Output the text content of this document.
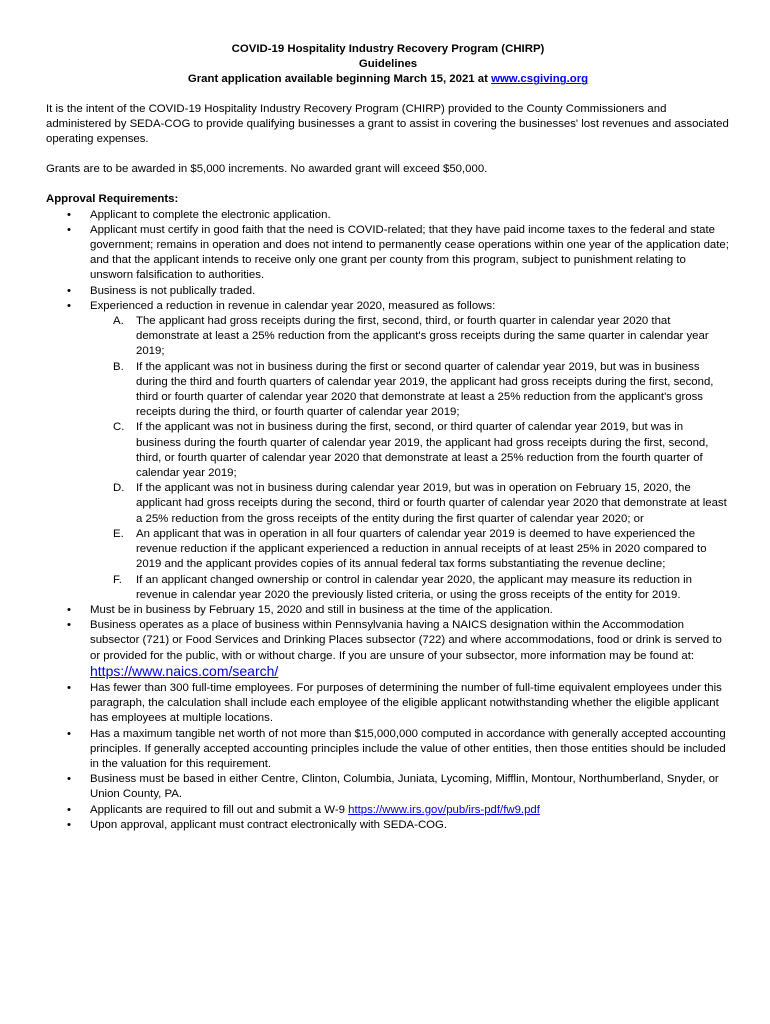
COVID-19 Hospitality Industry Recovery Program (CHIRP)
Guidelines
Grant application available beginning March 15, 2021 at www.csgiving.org

It is the intent of the COVID-19 Hospitality Industry Recovery Program (CHIRP) provided to the County Commissioners and administered by SEDA-COG to provide qualifying businesses a grant to assist in covering the businesses' lost revenues and associated operating expenses.

Grants are to be awarded in $5,000 increments. No awarded grant will exceed $50,000.

Approval Requirements:
• Applicant to complete the electronic application.
• Applicant must certify in good faith that the need is COVID-related; that they have paid income taxes to the federal and state government; remains in operation and does not intend to permanently cease operations within one year of the application date; and that the applicant intends to receive only one grant per county from this program, subject to punishment relating to unsworn falsification to authorities.
• Business is not publically traded.
• Experienced a reduction in revenue in calendar year 2020, measured as follows:
A. The applicant had gross receipts during the first, second, third, or fourth quarter in calendar year 2020 that demonstrate at least a 25% reduction from the applicant's gross receipts during the same quarter in calendar year 2019;
B. If the applicant was not in business during the first or second quarter of calendar year 2019, but was in business during the third and fourth quarters of calendar year 2019, the applicant had gross receipts during the first, second, third or fourth quarter of calendar year 2020 that demonstrate at least a 25% reduction from the applicant's gross receipts during the third, or fourth quarter of calendar year 2019;
C. If the applicant was not in business during the first, second, or third quarter of calendar year 2019, but was in business during the fourth quarter of calendar year 2019, the applicant had gross receipts during the first, second, third, or fourth quarter of calendar year 2020 that demonstrate at least a 25% reduction from the fourth quarter of calendar year 2019;
D. If the applicant was not in business during calendar year 2019, but was in operation on February 15, 2020, the applicant had gross receipts during the second, third or fourth quarter of calendar year 2020 that demonstrate at least a 25% reduction from the gross receipts of the entity during the first quarter of calendar year 2020; or
E. An applicant that was in operation in all four quarters of calendar year 2019 is deemed to have experienced the revenue reduction if the applicant experienced a reduction in annual receipts of at least 25% in 2020 compared to 2019 and the applicant provides copies of its annual federal tax forms substantiating the revenue decline;
F. If an applicant changed ownership or control in calendar year 2020, the applicant may measure its reduction in revenue in calendar year 2020 the previously listed criteria, or using the gross receipts of the entity for 2019.
• Must be in business by February 15, 2020 and still in business at the time of the application.
• Business operates as a place of business within Pennsylvania having a NAICS designation within the Accommodation subsector (721) or Food Services and Drinking Places subsector (722) and where accommodations, food or drink is served to or provided for the public, with or without charge. If you are unsure of your subsector, more information may be found at: https://www.naics.com/search/
• Has fewer than 300 full-time employees. For purposes of determining the number of full-time equivalent employees under this paragraph, the calculation shall include each employee of the eligible applicant notwithstanding whether the eligible applicant has employees at multiple locations.
• Has a maximum tangible net worth of not more than $15,000,000 computed in accordance with generally accepted accounting principles. If generally accepted accounting principles include the value of other entities, then those entities should be included in the valuation for this requirement.
• Business must be based in either Centre, Clinton, Columbia, Juniata, Lycoming, Mifflin, Montour, Northumberland, Snyder, or Union County, PA.
• Applicants are required to fill out and submit a W-9 https://www.irs.gov/pub/irs-pdf/fw9.pdf
• Upon approval, applicant must contract electronically with SEDA-COG.
